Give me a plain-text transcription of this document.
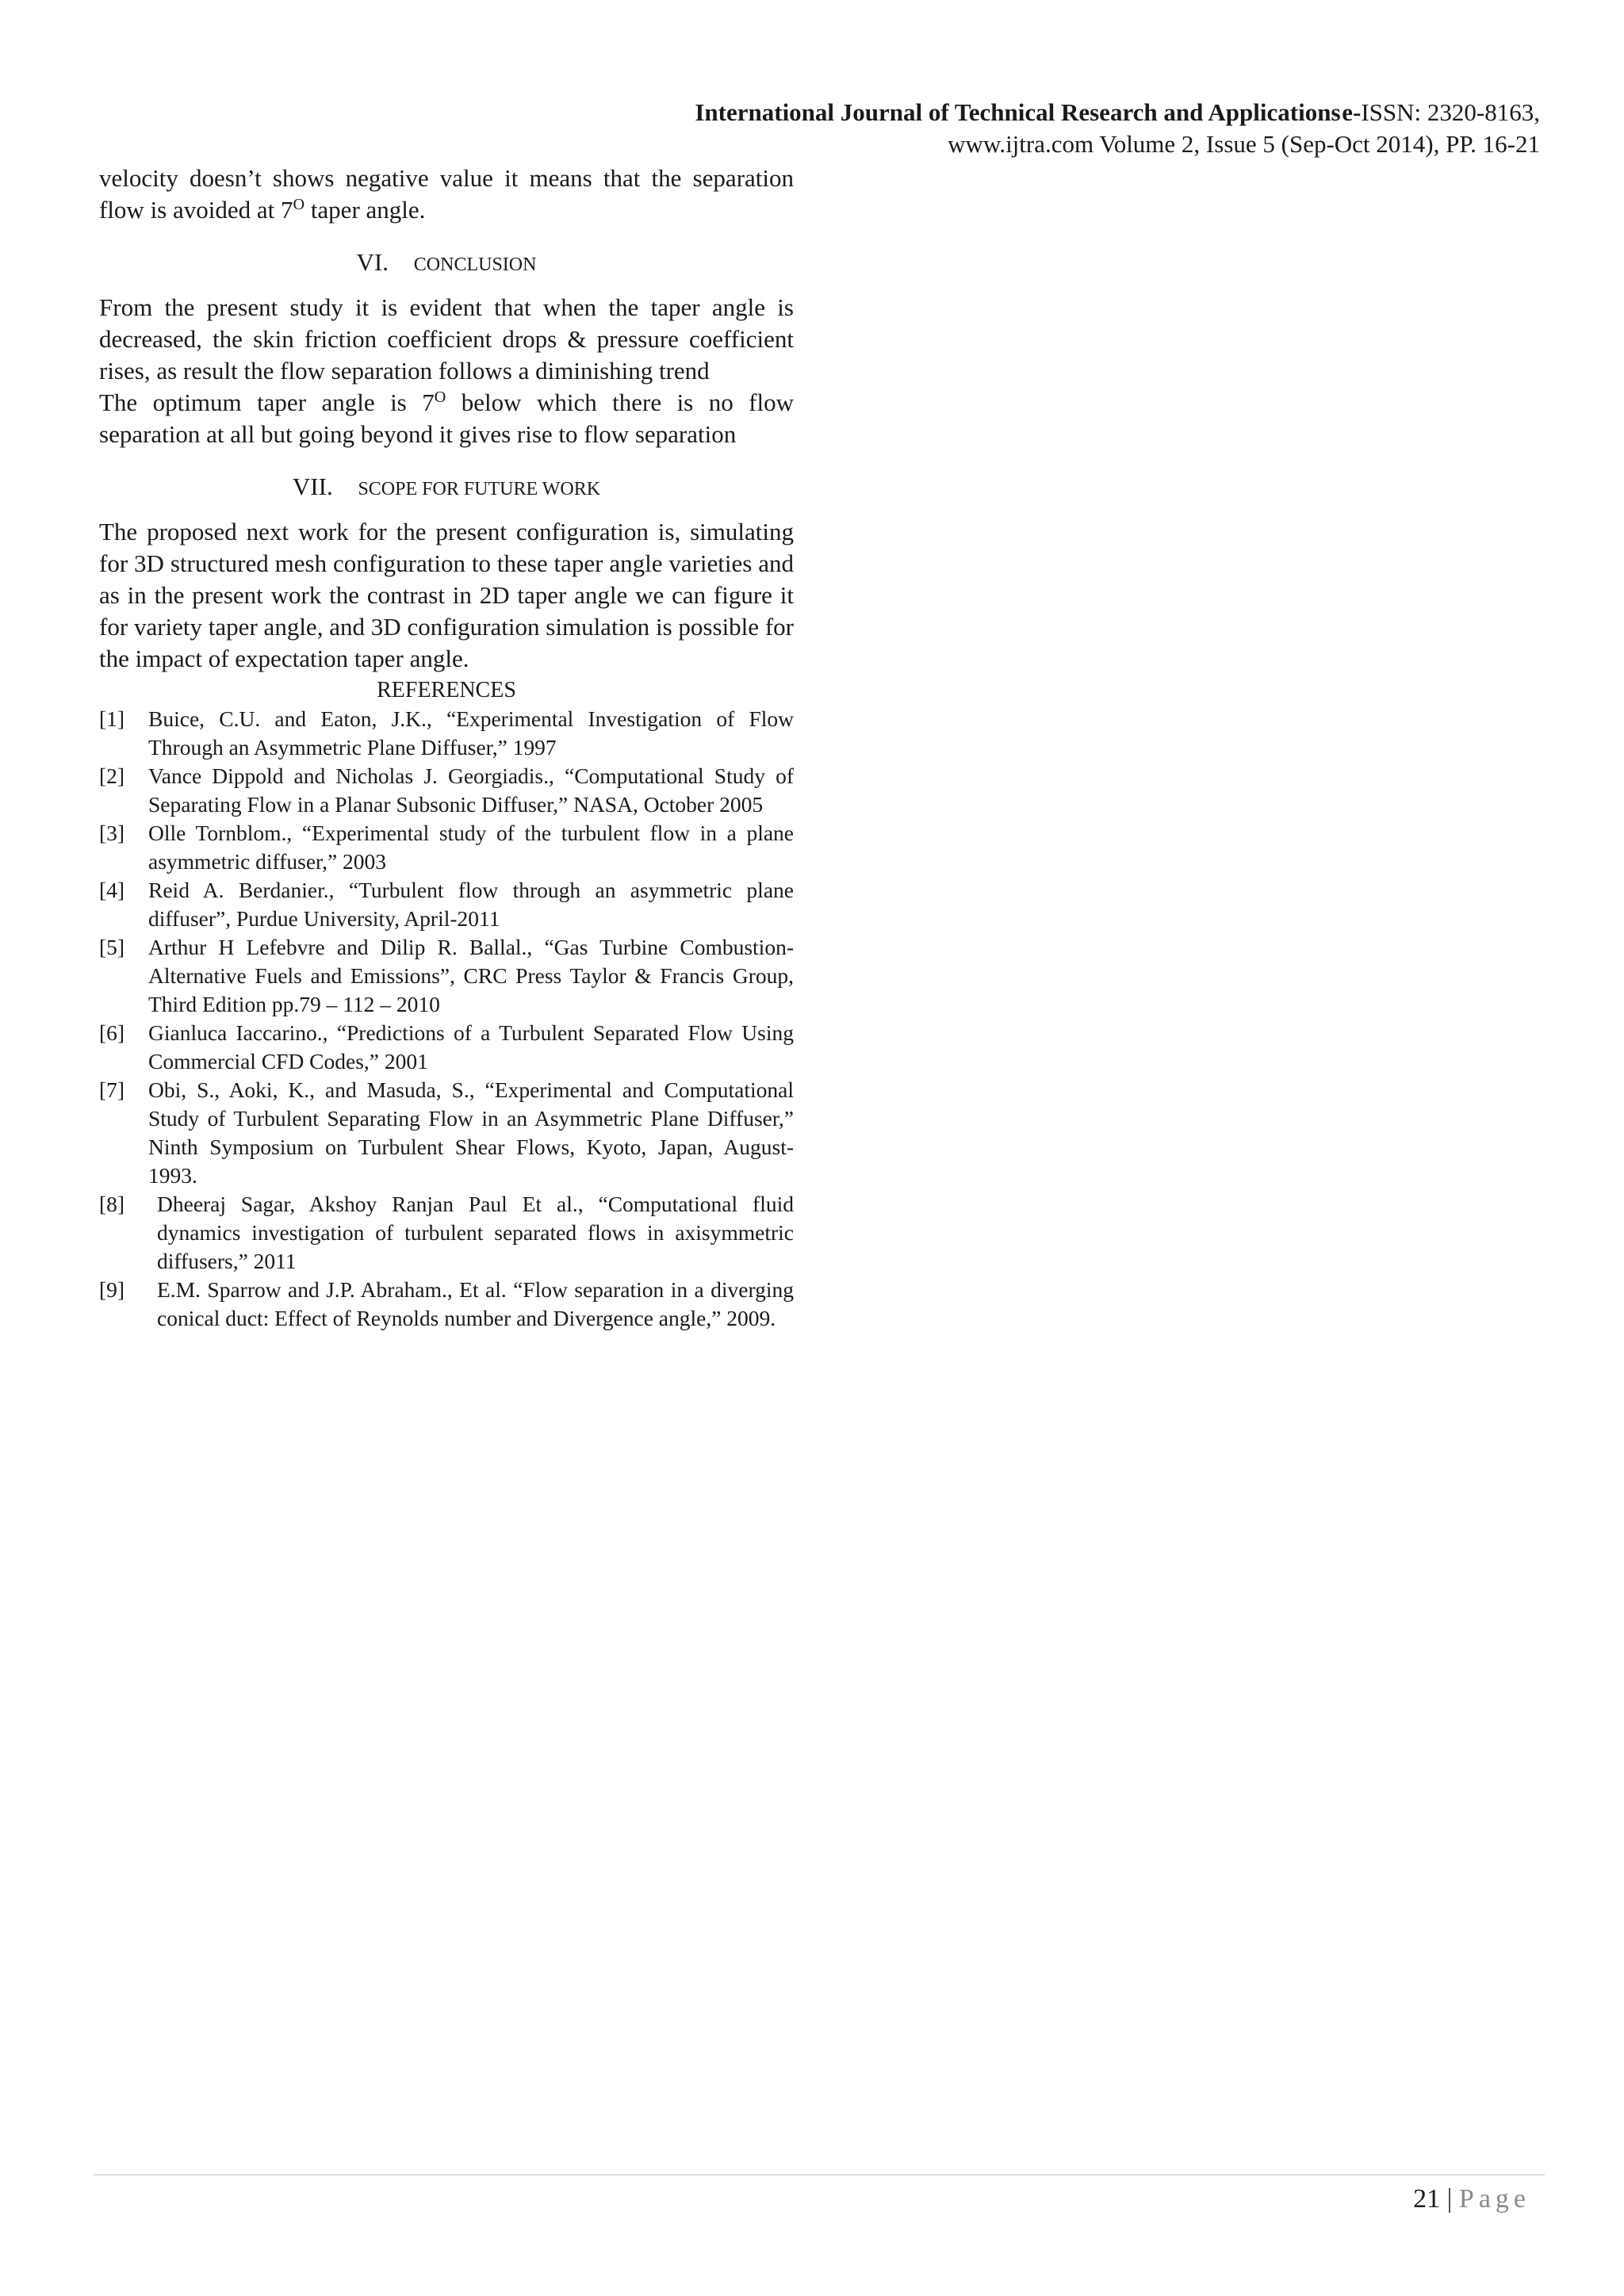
International Journal of Technical Research and Applications e-ISSN: 2320-8163,
www.ijtra.com Volume 2, Issue 5 (Sep-Oct 2014), PP. 16-21

velocity doesn’t shows negative value it means that the separation flow is avoided at $7^O$ taper angle.

VI. CONCLUSION

From the present study it is evident that when the taper angle is decreased, the skin friction coefficient drops & pressure coefficient rises, as result the flow separation follows a diminishing trend

The optimum taper angle is $7^O$ below which there is no flow separation at all but going beyond it gives rise to flow separation

VII. SCOPE FOR FUTURE WORK

The proposed next work for the present configuration is, simulating for 3D structured mesh configuration to these taper angle varieties and as in the present work the contrast in 2D taper angle we can figure it for variety taper angle, and 3D configuration simulation is possible for the impact of expectation taper angle.

REFERENCES
[1]	Buice, C.U. and Eaton, J.K., “Experimental Investigation of Flow Through an Asymmetric Plane Diffuser,” 1997
[2]	Vance Dippold and Nicholas J. Georgiadis., “Computational Study of Separating Flow in a Planar Subsonic Diffuser,” NASA, October 2005
[3]	Olle Tornblom., “Experimental study of the turbulent flow in a plane asymmetric diffuser,” 2003
[4]	Reid A. Berdanier., “Turbulent flow through an asymmetric plane diffuser”, Purdue University, April-2011
[5]	Arthur H Lefebvre and Dilip R. Ballal., “Gas Turbine Combustion-Alternative Fuels and Emissions”, CRC Press Taylor & Francis Group, Third Edition pp.79 – 112 – 2010
[6]	Gianluca Iaccarino., “Predictions of a Turbulent Separated Flow Using Commercial CFD Codes,” 2001
[7]	Obi, S., Aoki, K., and Masuda, S., “Experimental and Computational Study of Turbulent Separating Flow in an Asymmetric Plane Diffuser,” Ninth Symposium on Turbulent Shear Flows, Kyoto, Japan, August-1993.
[8]	Dheeraj Sagar, Akshoy Ranjan Paul Et al., “Computational fluid dynamics investigation of turbulent separated flows in axisymmetric diffusers,” 2011
[9]	E.M. Sparrow and J.P. Abraham., Et al. “Flow separation in a diverging conical duct: Effect of Reynolds number and Divergence angle,” 2009.
21 | Page
